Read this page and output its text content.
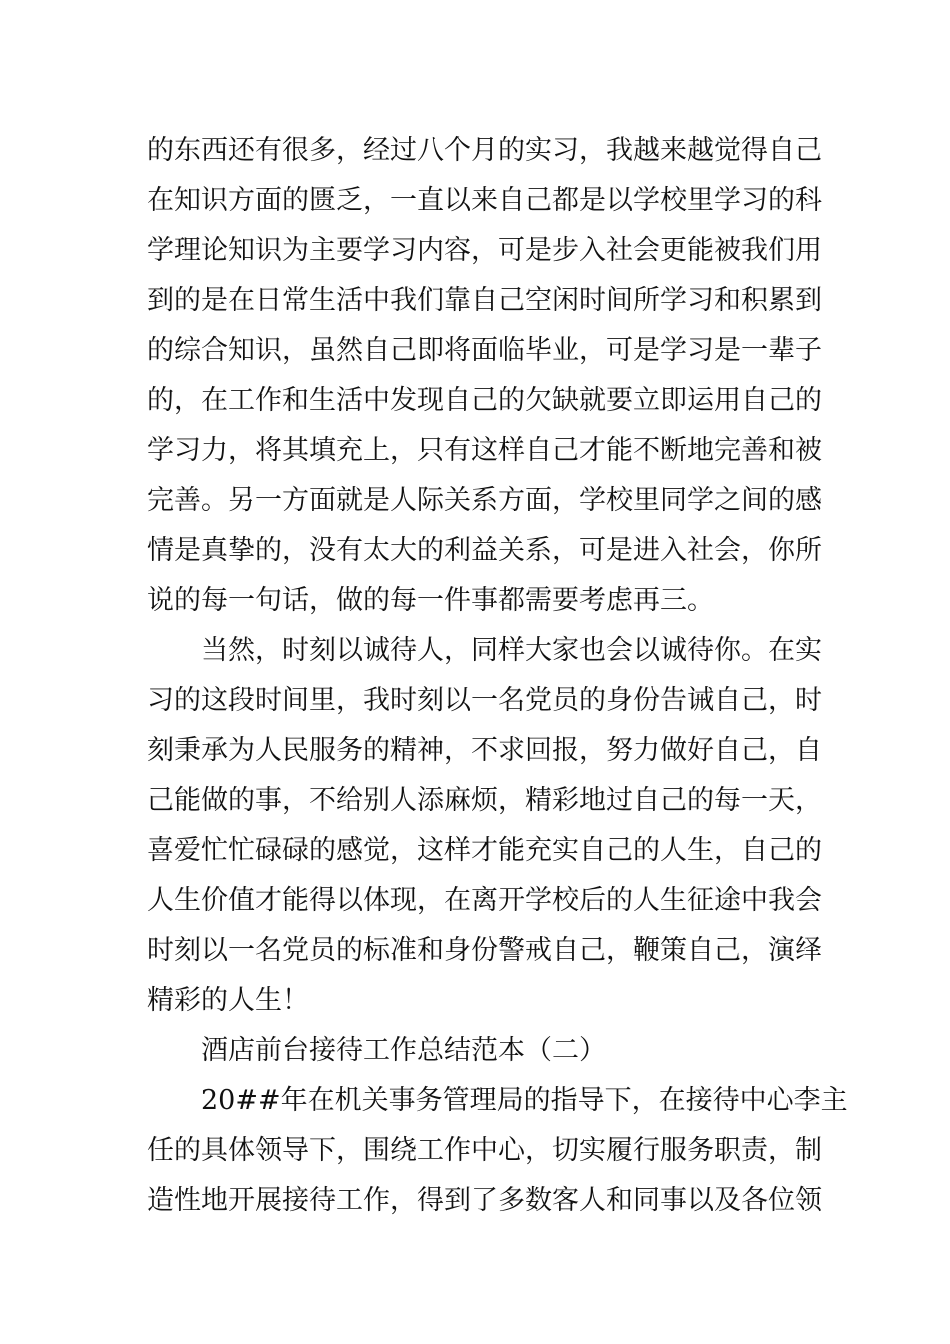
的东西还有很多，经过八个月的实习，我越来越觉得自己
在知识方面的匮乏，一直以来自己都是以学校里学习的科
学理论知识为主要学习内容，可是步入社会更能被我们用
到的是在日常生活中我们靠自己空闲时间所学习和积累到
的综合知识，虽然自己即将面临毕业，可是学习是一辈子
的，在工作和生活中发现自己的欠缺就要立即运用自己的
学习力，将其填充上，只有这样自己才能不断地完善和被
完善。另一方面就是人际关系方面，学校里同学之间的感
情是真挚的，没有太大的利益关系，可是进入社会，你所
说的每一句话，做的每一件事都需要考虑再三。
当然，时刻以诚待人，同样大家也会以诚待你。在实
习的这段时间里，我时刻以一名党员的身份告诫自己，时
刻秉承为人民服务的精神，不求回报，努力做好自己，自
己能做的事，不给别人添麻烦，精彩地过自己的每一天，
喜爱忙忙碌碌的感觉，这样才能充实自己的人生，自己的
人生价值才能得以体现，在离开学校后的人生征途中我会
时刻以一名党员的标准和身份警戒自己，鞭策自己，演绎
精彩的人生！
酒店前台接待工作总结范本（二）
20##年在机关事务管理局的指导下，在接待中心李主
任的具体领导下，围绕工作中心，切实履行服务职责，制
造性地开展接待工作，得到了多数客人和同事以及各位领
